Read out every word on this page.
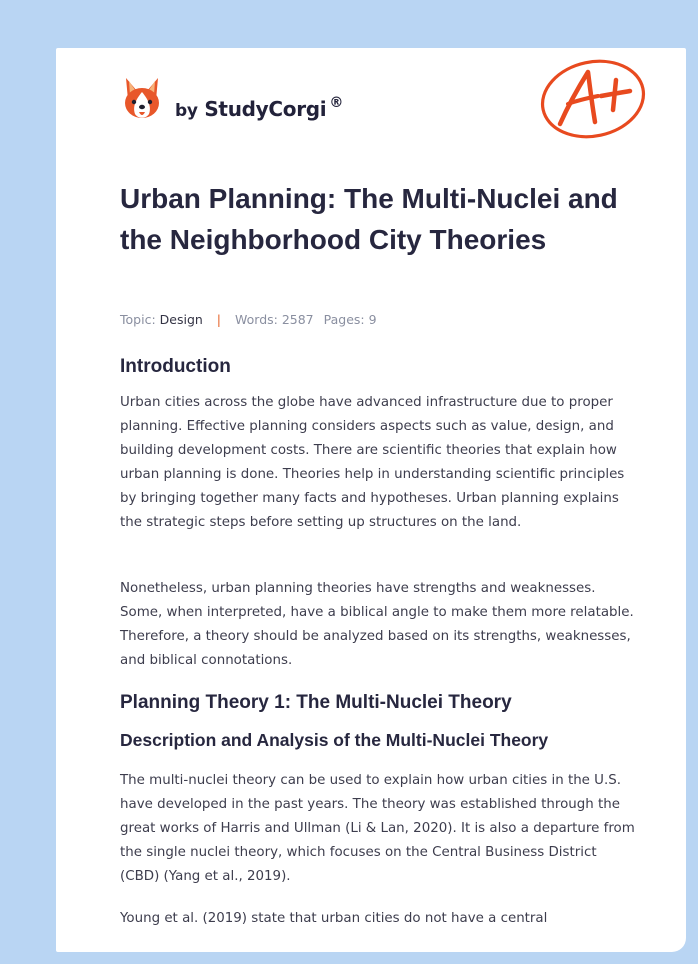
by StudyCorgi ®
Urban Planning: The Multi-Nuclei and the Neighborhood City Theories
Topic: Design | Words: 2587 Pages: 9
Introduction

Urban cities across the globe have advanced infrastructure due to proper planning. Effective planning considers aspects such as value, design, and building development costs. There are scientific theories that explain how urban planning is done. Theories help in understanding scientific principles by bringing together many facts and hypotheses. Urban planning explains the strategic steps before setting up structures on the land.

Nonetheless, urban planning theories have strengths and weaknesses. Some, when interpreted, have a biblical angle to make them more relatable. Therefore, a theory should be analyzed based on its strengths, weaknesses, and biblical connotations.

Planning Theory 1: The Multi-Nuclei Theory
Description and Analysis of the Multi-Nuclei Theory

The multi-nuclei theory can be used to explain how urban cities in the U.S. have developed in the past years. The theory was established through the great works of Harris and Ullman (Li & Lan, 2020). It is also a departure from the single nuclei theory, which focuses on the Central Business District (CBD) (Yang et al., 2019).

Young et al. (2019) state that urban cities do not have a central
